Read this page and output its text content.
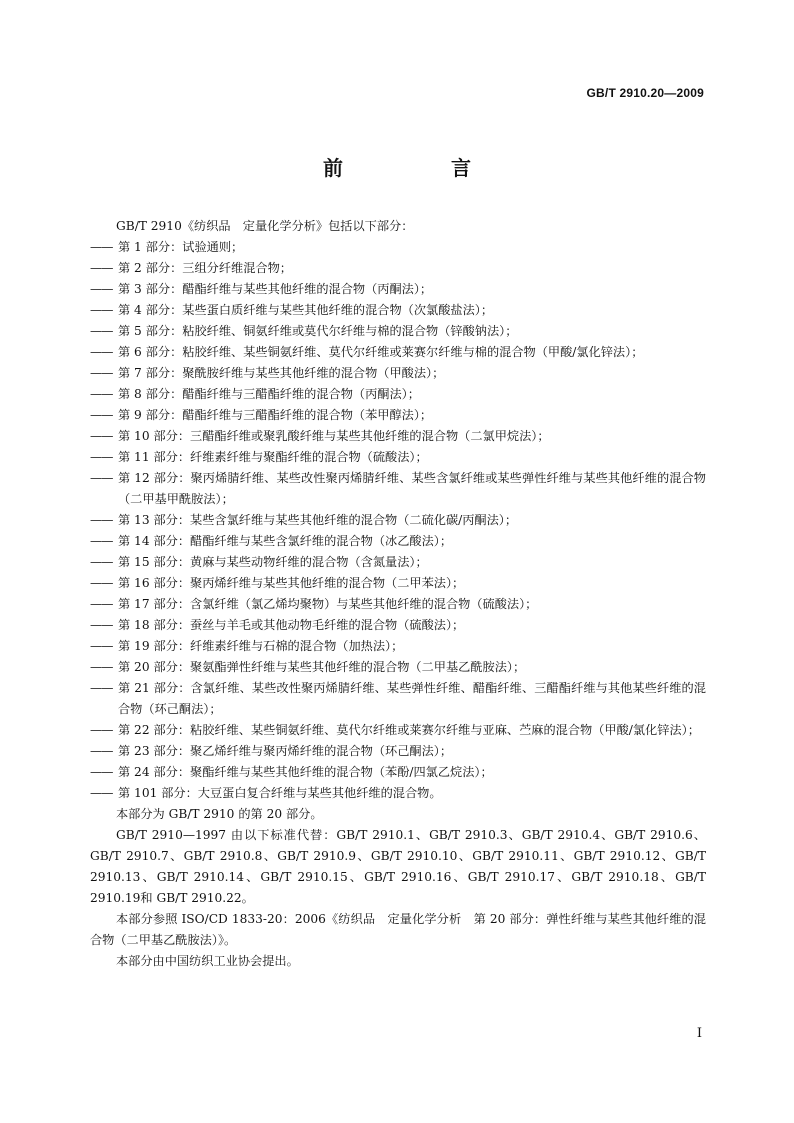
GB/T 2910.20—2009
前　言

GB/T 2910《纺织品　定量化学分析》包括以下部分：

—— 第 1 部分：试验通则；
—— 第 2 部分：三组分纤维混合物；
—— 第 3 部分：醋酯纤维与某些其他纤维的混合物（丙酮法）；
—— 第 4 部分：某些蛋白质纤维与某些其他纤维的混合物（次氯酸盐法）；
—— 第 5 部分：粘胶纤维、铜氨纤维或莫代尔纤维与棉的混合物（锌酸钠法）；
—— 第 6 部分：粘胶纤维、某些铜氨纤维、莫代尔纤维或莱赛尔纤维与棉的混合物（甲酸/氯化锌法）；
—— 第 7 部分：聚酰胺纤维与某些其他纤维的混合物（甲酸法）；
—— 第 8 部分：醋酯纤维与三醋酯纤维的混合物（丙酮法）；
—— 第 9 部分：醋酯纤维与三醋酯纤维的混合物（苯甲醇法）；
—— 第 10 部分：三醋酯纤维或聚乳酸纤维与某些其他纤维的混合物（二氯甲烷法）；
—— 第 11 部分：纤维素纤维与聚酯纤维的混合物（硫酸法）；
—— 第 12 部分：聚丙烯腈纤维、某些改性聚丙烯腈纤维、某些含氯纤维或某些弹性纤维与某些其他纤维的混合物（二甲基甲酰胺法）；
—— 第 13 部分：某些含氯纤维与某些其他纤维的混合物（二硫化碳/丙酮法）；
—— 第 14 部分：醋酯纤维与某些含氯纤维的混合物（冰乙酸法）；
—— 第 15 部分：黄麻与某些动物纤维的混合物（含氮量法）；
—— 第 16 部分：聚丙烯纤维与某些其他纤维的混合物（二甲苯法）；
—— 第 17 部分：含氯纤维（氯乙烯均聚物）与某些其他纤维的混合物（硫酸法）；
—— 第 18 部分：蚕丝与羊毛或其他动物毛纤维的混合物（硫酸法）；
—— 第 19 部分：纤维素纤维与石棉的混合物（加热法）；
—— 第 20 部分：聚氨酯弹性纤维与某些其他纤维的混合物（二甲基乙酰胺法）；
—— 第 21 部分：含氯纤维、某些改性聚丙烯腈纤维、某些弹性纤维、醋酯纤维、三醋酯纤维与其他某些纤维的混合物（环己酮法）；
—— 第 22 部分：粘胶纤维、某些铜氨纤维、莫代尔纤维或莱赛尔纤维与亚麻、苎麻的混合物（甲酸/氯化锌法）；
—— 第 23 部分：聚乙烯纤维与聚丙烯纤维的混合物（环己酮法）；
—— 第 24 部分：聚酯纤维与某些其他纤维的混合物（苯酚/四氯乙烷法）；
—— 第 101 部分：大豆蛋白复合纤维与某些其他纤维的混合物。

本部分为 GB/T 2910 的第 20 部分。

GB/T 2910—1997 由以下标准代替：GB/T 2910.1、GB/T 2910.3、GB/T 2910.4、GB/T 2910.6、GB/T 2910.7、GB/T 2910.8、GB/T 2910.9、GB/T 2910.10、GB/T 2910.11、GB/T 2910.12、GB/T 2910.13、GB/T 2910.14、GB/T 2910.15、GB/T 2910.16、GB/T 2910.17、GB/T 2910.18、GB/T 2910.19和 GB/T 2910.22。

本部分参照 ISO/CD 1833-20：2006《纺织品　定量化学分析　第 20 部分：弹性纤维与某些其他纤维的混合物（二甲基乙酰胺法）》。

本部分由中国纺织工业协会提出。

I
